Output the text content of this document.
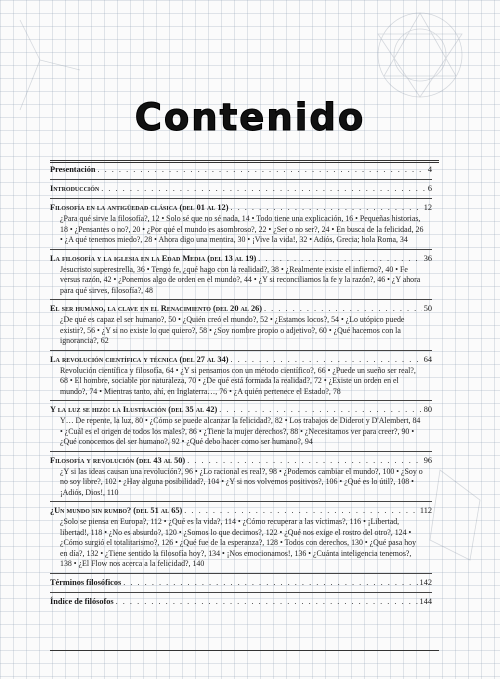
Contenido
Presentación . . .	4
Introducción . . .	6
Filosofía en la antigüedad clásica (del 01 al 12) . . .	12
¿Para qué sirve la filosofía?, 12 • Solo sé que no sé nada, 14 • Todo tiene una explicación, 16 • Pequeñas historias, 18 • ¿Pensantes o no?, 20 • ¿Por qué el mundo es asombroso?, 22 • ¿Ser o no ser?, 24 • En busca de la felicidad, 26 • ¿A qué tenemos miedo?, 28 • Ahora digo una mentira, 30 • ¡Vive la vida!, 32 • Adiós, Grecia; hola Roma, 34
La filosofía y la iglesia en la Edad Media (del 13 al 19) . . .	36
Jesucristo superestrella, 36 • Tengo fe, ¿qué hago con la realidad?, 38 • ¿Realmente existe el infierno?, 40 • Fe versus razón, 42 • ¿Ponemos algo de orden en el mundo?, 44 • ¿Y si reconciliamos la fe y la razón?, 46 • ¿Y ahora para qué sirves, filosofía?, 48
El ser humano, la clave en el Renacimiento (del 20 al 26) . . .	50
¿De qué es capaz el ser humano?, 50 • ¿Quién creó el mundo?, 52 • ¿Estamos locos?, 54 • ¿Lo utópico puede existir?, 56 • ¿Y si no existe lo que quiero?, 58 • ¿Soy nombre propio o adjetivo?, 60 • ¿Qué hacemos con la ignorancia?, 62
La revolución científica y técnica (del 27 al 34) . . .	64
Revolución científica y filosofía, 64 • ¿Y si pensamos con un método científico?, 66 • ¿Puede un sueño ser real?, 68 • El hombre, sociable por naturaleza, 70 • ¿De qué está formada la realidad?, 72 • ¿Existe un orden en el mundo?, 74 • Mientras tanto, ahí, en Inglaterra…, 76 • ¿A quién pertenece el Estado?, 78
Y la luz se hizo: la Ilustración (del 35 al 42) . . .	80
Y… De repente, la luz, 80 • ¿Cómo se puede alcanzar la felicidad?, 82 • Los trabajos de Diderot y D'Alembert, 84 • ¿Cuál es el origen de todos los males?, 86 • ¿Tiene la mujer derechos?, 88 • ¿Necesitamos ver para creer?, 90 • ¿Qué conocemos del ser humano?, 92 • ¿Qué debo hacer como ser humano?, 94
Filosofía y revolución (del 43 al 50) . . .	96
¿Y si las ideas causan una revolución?, 96 • ¿Lo racional es real?, 98 • ¿Podemos cambiar el mundo?, 100 • ¿Soy o no soy libre?, 102 • ¿Hay alguna posibilidad?, 104 • ¿Y si nos volvemos positivos?, 106 • ¿Qué es lo útil?, 108 • ¡Adiós, Dios!, 110
¿Un mundo sin rumbo? (del 51 al 65) . . .	112
¿Solo se piensa en Europa?, 112 • ¿Qué es la vida?, 114 • ¿Cómo recuperar a las víctimas?, 116 • ¡Libertad, libertad!, 118 • ¿No es absurdo?, 120 • ¿Somos lo que decimos?, 122 • ¿Qué nos exige el rostro del otro?, 124 • ¿Cómo surgió el totalitarismo?, 126 • ¿Qué fue de la esperanza?, 128 • Todos con derechos, 130 • ¿Qué pasa hoy en día?, 132 • ¿Tiene sentido la filosofía hoy?, 134 • ¡Nos emocionamos!, 136 • ¿Cuánta inteligencia tenemos?, 138 • ¿El Flow nos acerca a la felicidad?, 140
Términos filosóficos . . .	142
Índice de filósofos . . .	144
